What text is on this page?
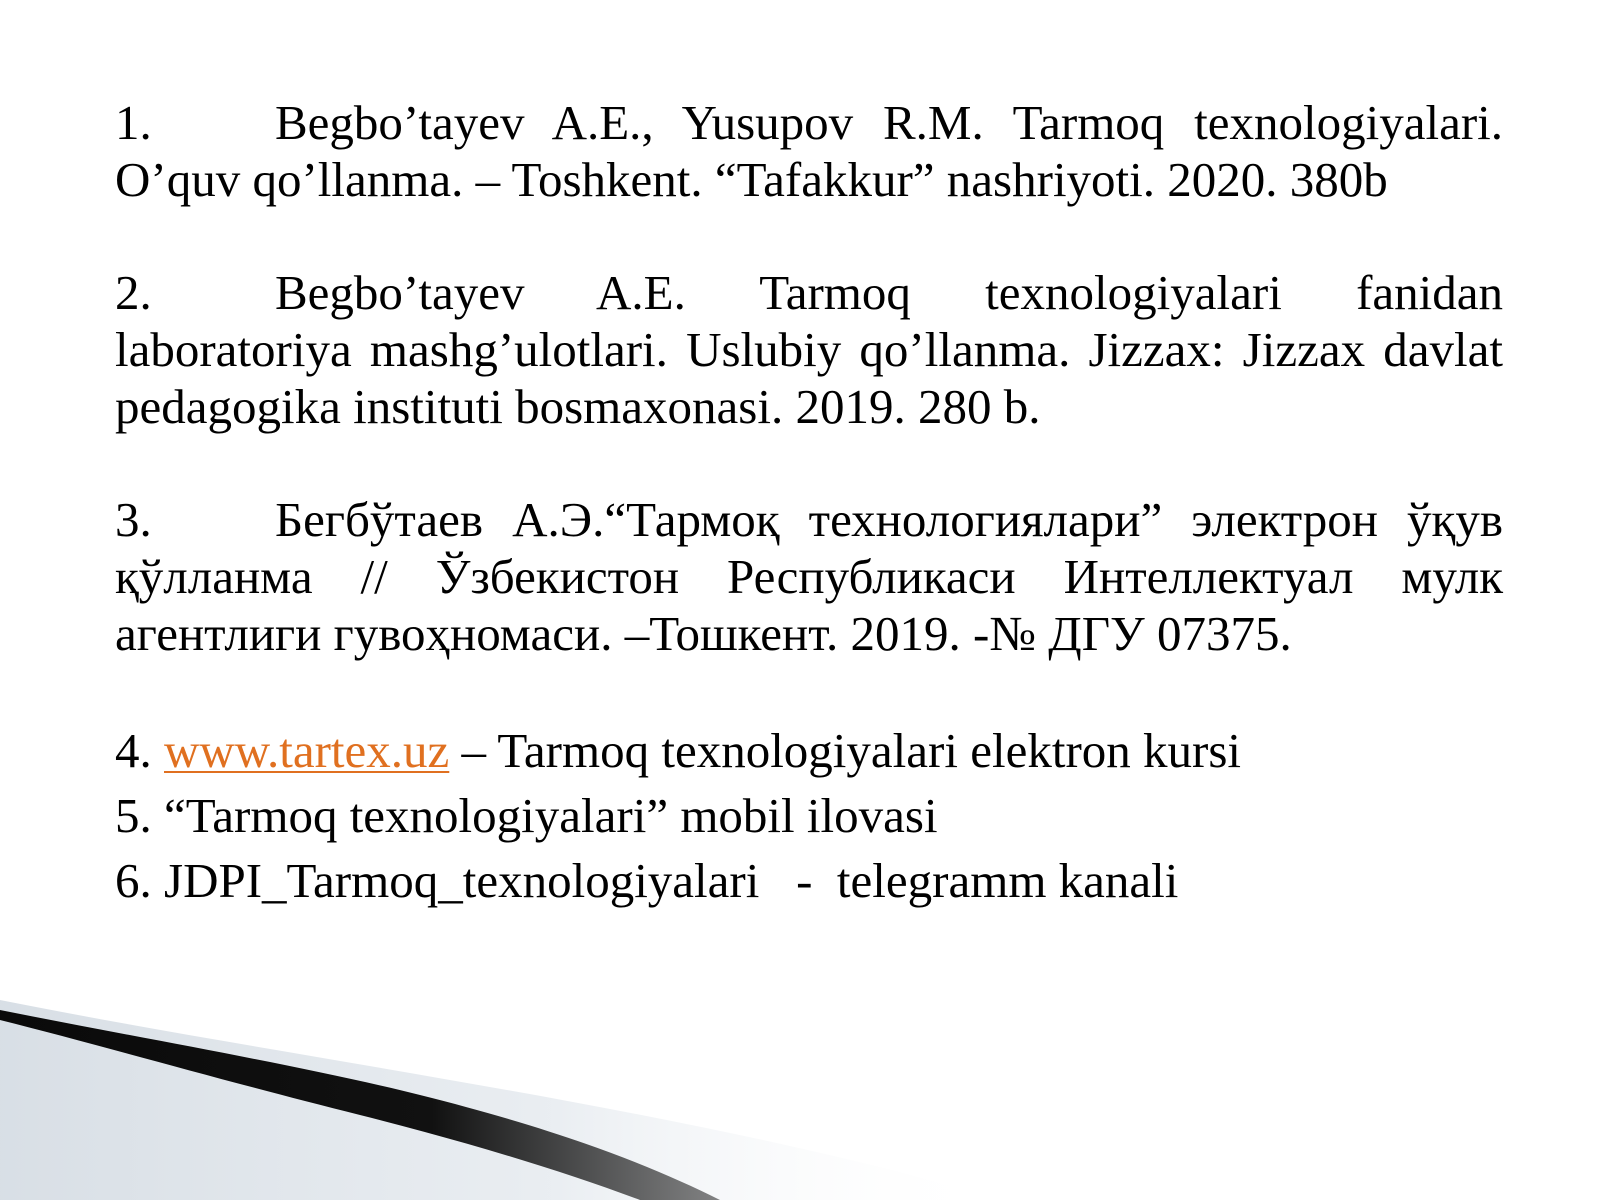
1.	Begbo’tayev A.E., Yusupov R.M. Tarmoq texnologiyalari. O’quv qo’llanma. – Toshkent. “Tafakkur” nashriyoti. 2020. 380b

2.	Begbo’tayev A.E. Tarmoq texnologiyalari fanidan laboratoriya mashg’ulotlari. Uslubiy qo’llanma. Jizzax: Jizzax davlat pedagogika instituti bosmaxonasi. 2019. 280 b.

3.	Бегбўтаев А.Э.“Тармоқ технологиялари” электрон ўқув қўлланма // Ўзбекистон Республикаси Интеллектуал мулк агентлиги гувоҳномаси. –Тошкент. 2019. -№ ДГУ 07375.

4. www.tartex.uz – Tarmoq texnologiyalari elektron kursi

5. “Tarmoq texnologiyalari” mobil ilovasi

6. JDPI_Tarmoq_texnologiyalari   -  telegramm kanali
